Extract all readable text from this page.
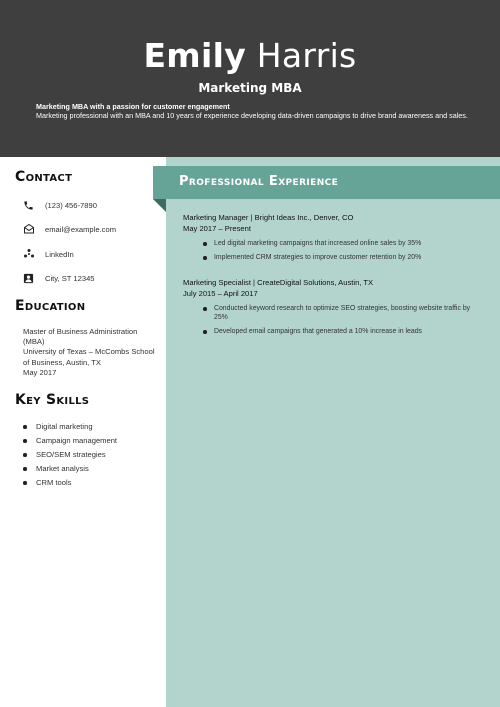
Emily Harris
Marketing MBA
Marketing MBA with a passion for customer engagement
Marketing professional with an MBA and 10 years of experience developing data-driven campaigns to drive brand awareness and sales.
Professional Experience
Marketing Manager | Bright Ideas Inc., Denver, CO
May 2017 – Present
Led digital marketing campaigns that increased online sales by 35%
Implemented CRM strategies to improve customer retention by 20%
Marketing Specialist | CreateDigital Solutions, Austin, TX
July 2015 – April 2017
Conducted keyword research to optimize SEO strategies, boosting website traffic by 25%
Developed email campaigns that generated a 10% increase in leads
Contact
(123) 456-7890
email@example.com
LinkedIn
City, ST 12345
Education
Master of Business Administration (MBA)
University of Texas – McCombs School of Business, Austin, TX
May 2017
Key Skills
Digital marketing
Campaign management
SEO/SEM strategies
Market analysis
CRM tools
